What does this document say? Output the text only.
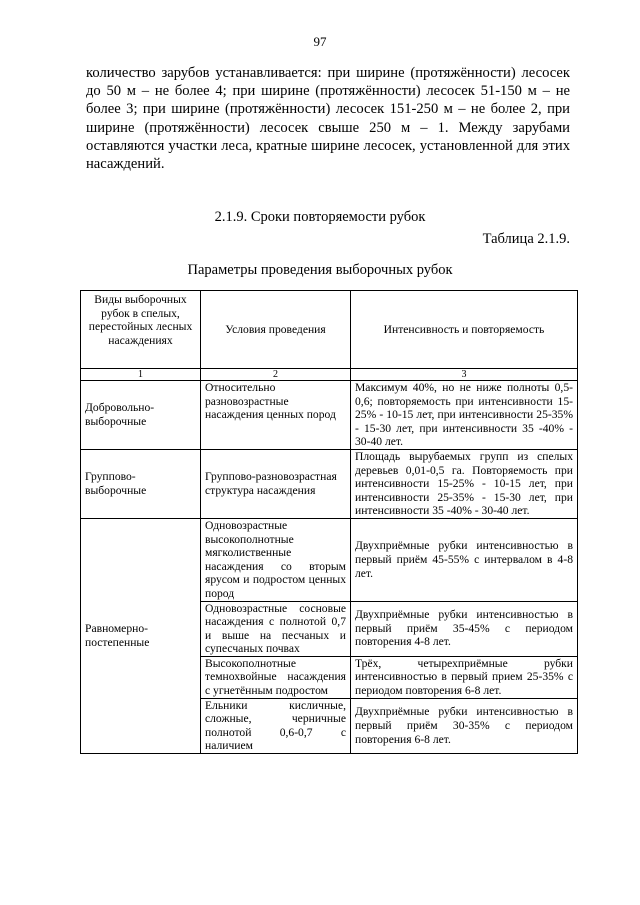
97

количество зарубов устанавливается: при ширине (протяжённости) лесосек до 50 м – не более 4; при ширине (протяжённости) лесосек 51-150 м – не более 3; при ширине (протяжённости) лесосек 151-250 м – не более 2, при ширине (протяжённости) лесосек свыше 250 м – 1. Между зарубами оставляются участки леса, кратные ширине лесосек, установленной для этих насаждений.

2.1.9. Сроки повторяемости рубок
Таблица 2.1.9.
Параметры проведения выборочных рубок
Виды выборочных рубок в спелых, перестойных лесных насаждениях	Условия проведения	Интенсивность и повторяемость
1	2	3
Добровольно-выборочные	Относительно разновозрастные насаждения ценных пород	Максимум 40%, но не ниже полноты 0,5-0,6; повторяемость при интенсивности 15-25% - 10-15 лет, при интенсивности 25-35% - 15-30 лет, при интенсивности 35 -40% - 30-40 лет.
Группово-выборочные	Группово-разновозрастная структура насаждения	Площадь вырубаемых групп из спелых деревьев 0,01-0,5 га. Повторяемость при интенсивности 15-25% - 10-15 лет, при интенсивности 25-35% - 15-30 лет, при интенсивности 35 -40% - 30-40 лет.
Равномерно-постепенные	Одновозрастные высокополнотные мягколиственные насаждения со вторым ярусом и подростом ценных пород	Двухприёмные рубки интенсивностью в первый приём 45-55% с интервалом в 4-8 лет.
	Одновозрастные сосновые насаждения с полнотой 0,7 и выше на песчаных и супесчаных почвах	Двухприёмные рубки интенсивностью в первый приём 35-45% с периодом повторения 4-8 лет.
	Высокополнотные темнохвойные насаждения с угнетённым подростом	Трёх, четырехприёмные рубки интенсивностью в первый прием 25-35% с периодом повторения 6-8 лет.
	Ельники кисличные, сложные, черничные полнотой 0,6-0,7 с наличием	Двухприёмные рубки интенсивностью в первый приём 30-35% с периодом повторения 6-8 лет.
